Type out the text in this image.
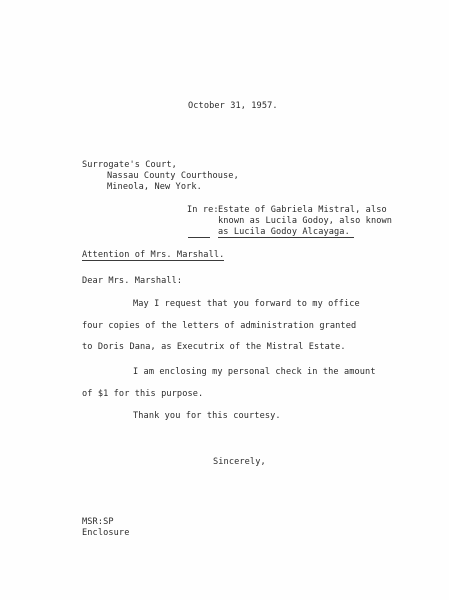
October 31, 1957.
Surrogate's Court,
Nassau County Courthouse,
Mineola, New York.
In re: Estate of Gabriela Mistral, also
known as Lucila Godoy, also known
as Lucila Godoy Alcayaga.
Attention of Mrs. Marshall.
Dear Mrs. Marshall:
May I request that you forward to my office
four copies of the letters of administration granted
to Doris Dana, as Executrix of the Mistral Estate.
I am enclosing my personal check in the amount
of $1 for this purpose.
Thank you for this courtesy.
Sincerely,
MSR:SP
Enclosure
